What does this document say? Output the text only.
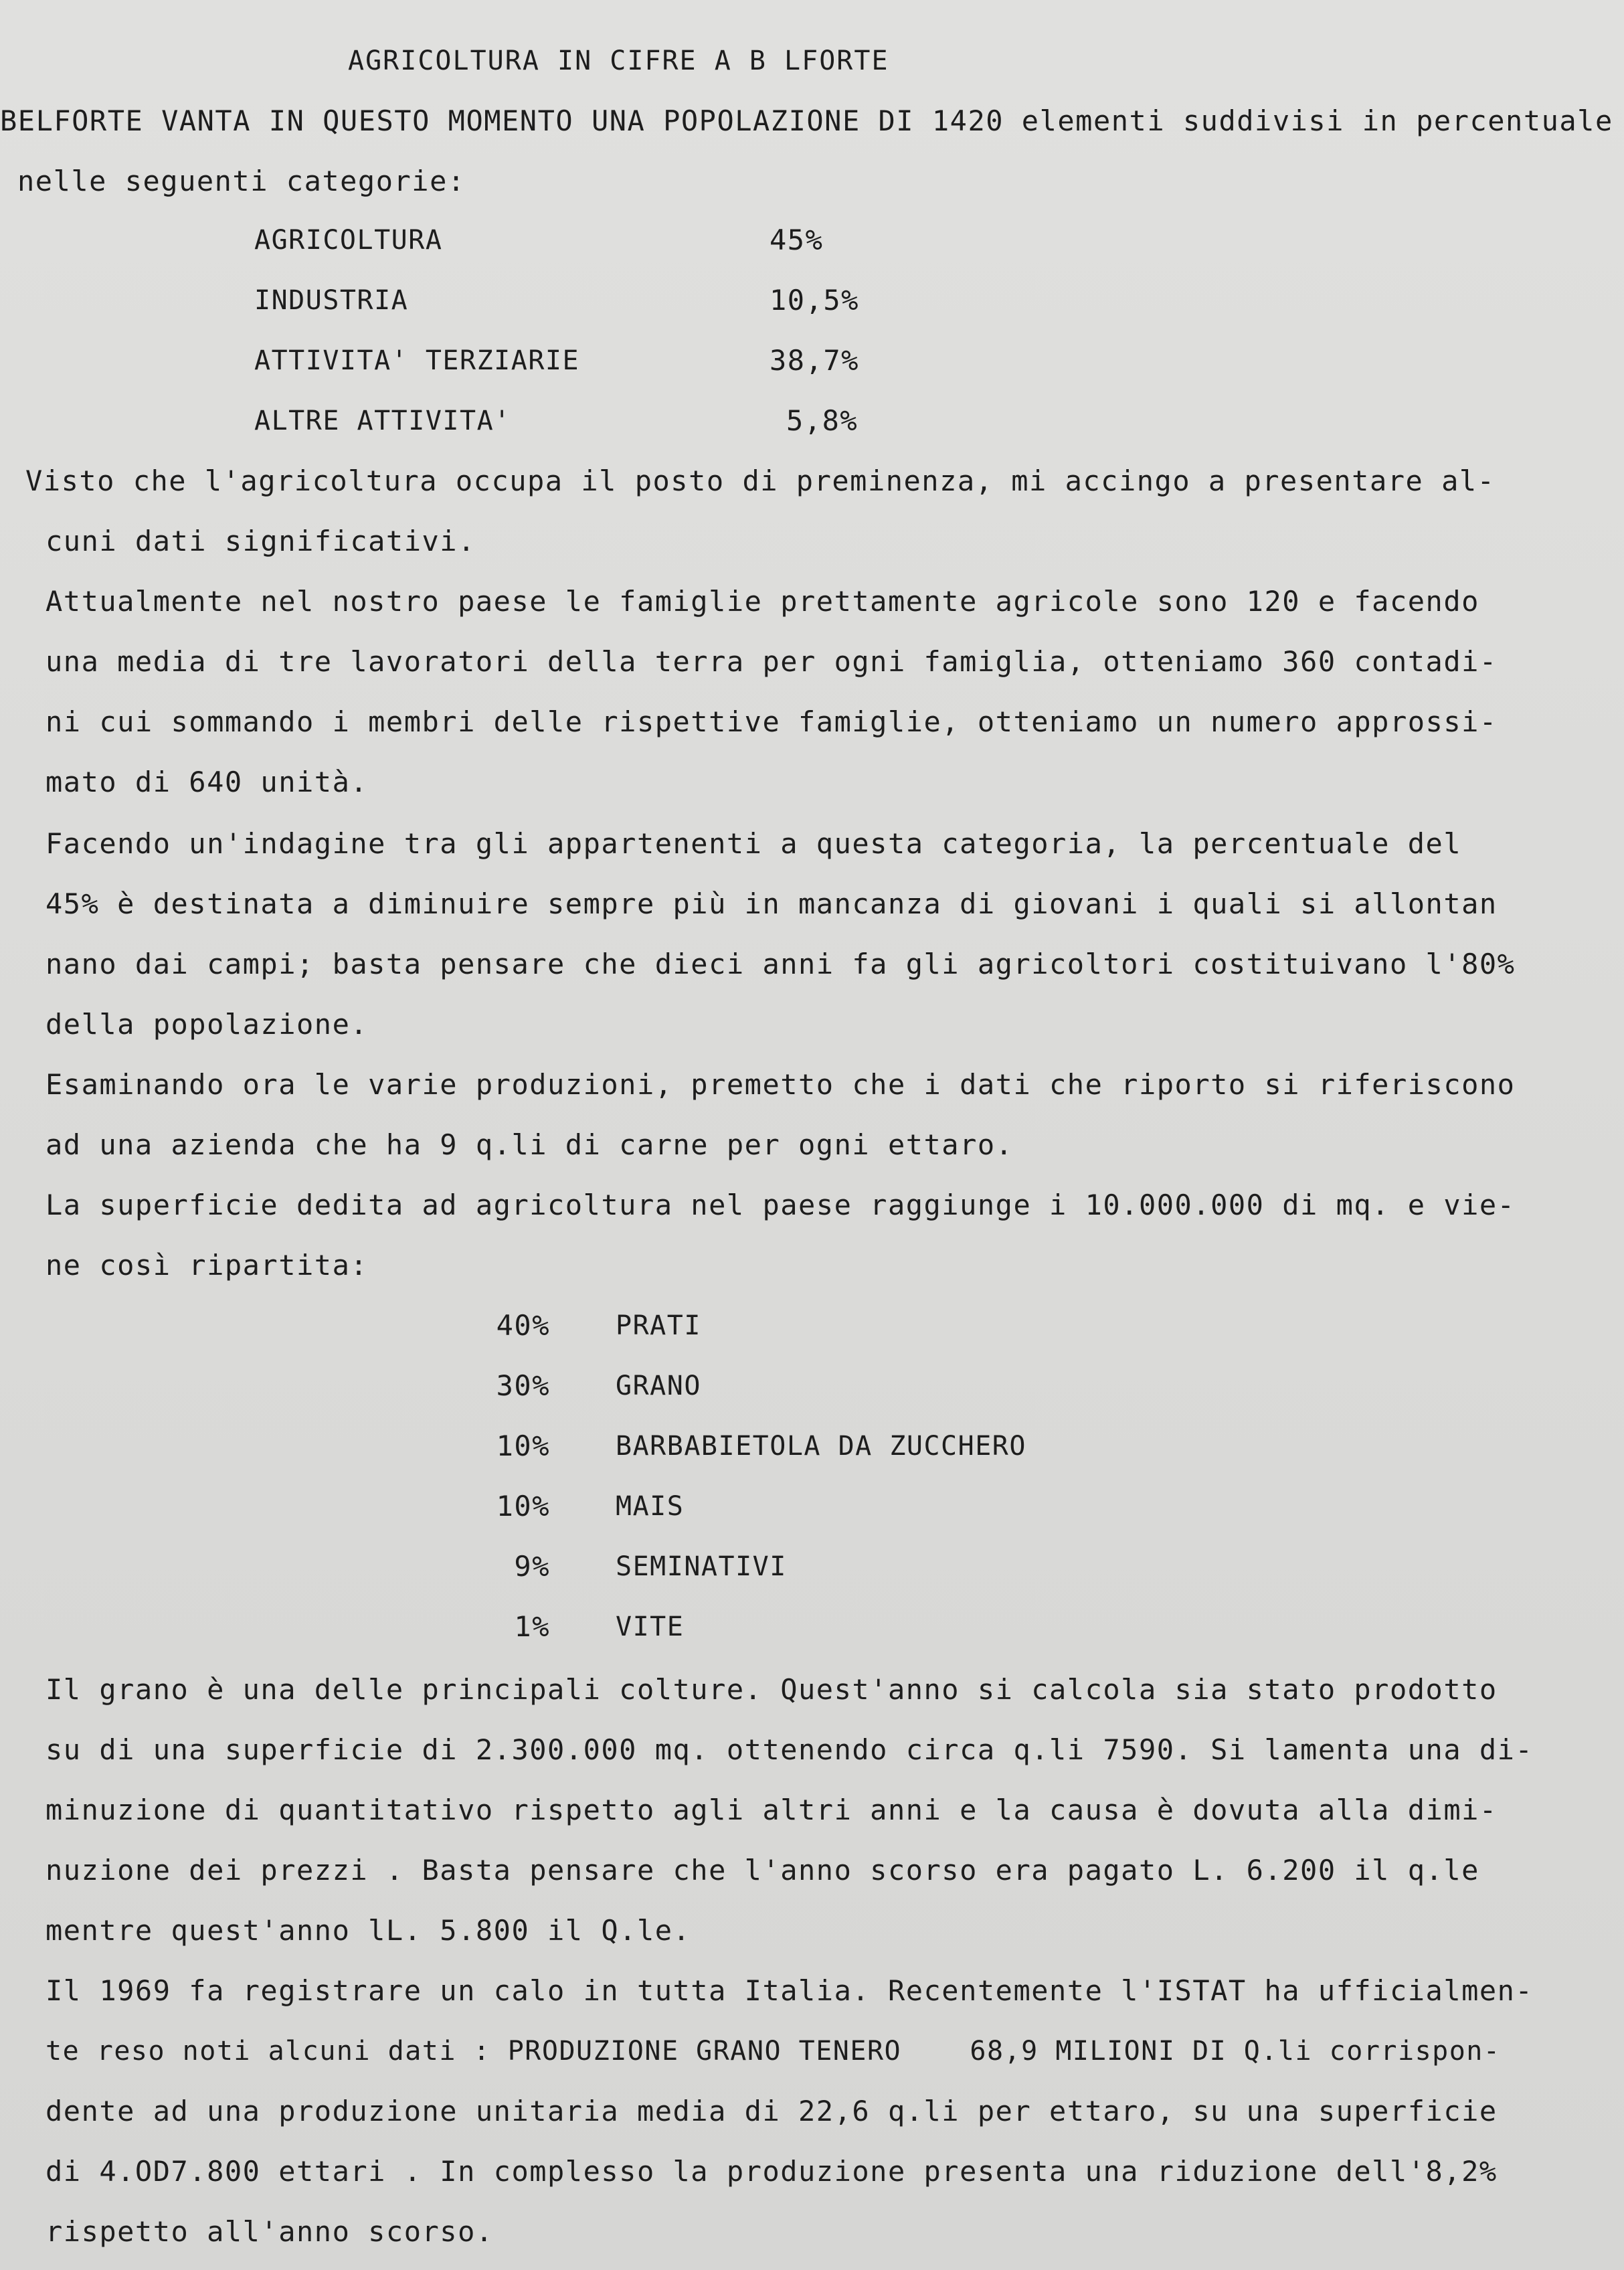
AGRICOLTURA IN CIFRE A B LFORTE
BELFORTE VANTA IN QUESTO MOMENTO UNA POPOLAZIONE DI 1420 elementi suddivisi in percentuale
nelle seguenti categorie:
AGRICOLTURA	45%
INDUSTRIA	10,5%
ATTIVITA' TERZIARIE	38,7%
ALTRE ATTIVITA'	5,8%
Visto che l'agricoltura occupa il posto di preminenza, mi accingo a presentare al-
cuni dati significativi.
Attualmente nel nostro paese le famiglie prettamente agricole sono 120 e facendo
una media di tre lavoratori della terra per ogni famiglia, otteniamo 360 contadi-
ni cui sommando i membri delle rispettive famiglie, otteniamo un numero approssi-
mato di 640 unità.
Facendo un'indagine tra gli appartenenti a questa categoria, la percentuale del
45% è destinata a diminuire sempre più in mancanza di giovani i quali si allontan
nano dai campi; basta pensare che dieci anni fa gli agricoltori costituivano l'80%
della popolazione.
Esaminando ora le varie produzioni, premetto che i dati che riporto si riferiscono
ad una azienda che ha 9 q.li di carne per ogni ettaro.
La superficie dedita ad agricoltura nel paese raggiunge i 10.000.000 di mq. e vie-
ne così ripartita:
40% PRATI
30% GRANO
10% BARBABIETOLA DA ZUCCHERO
10% MAIS
9% SEMINATIVI
1% VITE
Il grano è una delle principali colture. Quest'anno si calcola sia stato prodotto
su di una superficie di 2.300.000 mq. ottenendo circa q.li 7590. Si lamenta una di-
minuzione di quantitativo rispetto agli altri anni e la causa è dovuta alla dimi-
nuzione dei prezzi . Basta pensare che l'anno scorso era pagato L. 6.200 il q.le
mentre quest'anno lL. 5.800 il Q.le.
Il 1969 fa registrare un calo in tutta Italia. Recentemente l'ISTAT ha ufficialmen-
te reso noti alcuni dati : PRODUZIONE GRANO TENERO    68,9 MILIONI DI Q.li corrispon-
dente ad una produzione unitaria media di 22,6 q.li per ettaro, su una superficie
di 4.OD7.800 ettari . In complesso la produzione presenta una riduzione dell'8,2%
rispetto all'anno scorso.
